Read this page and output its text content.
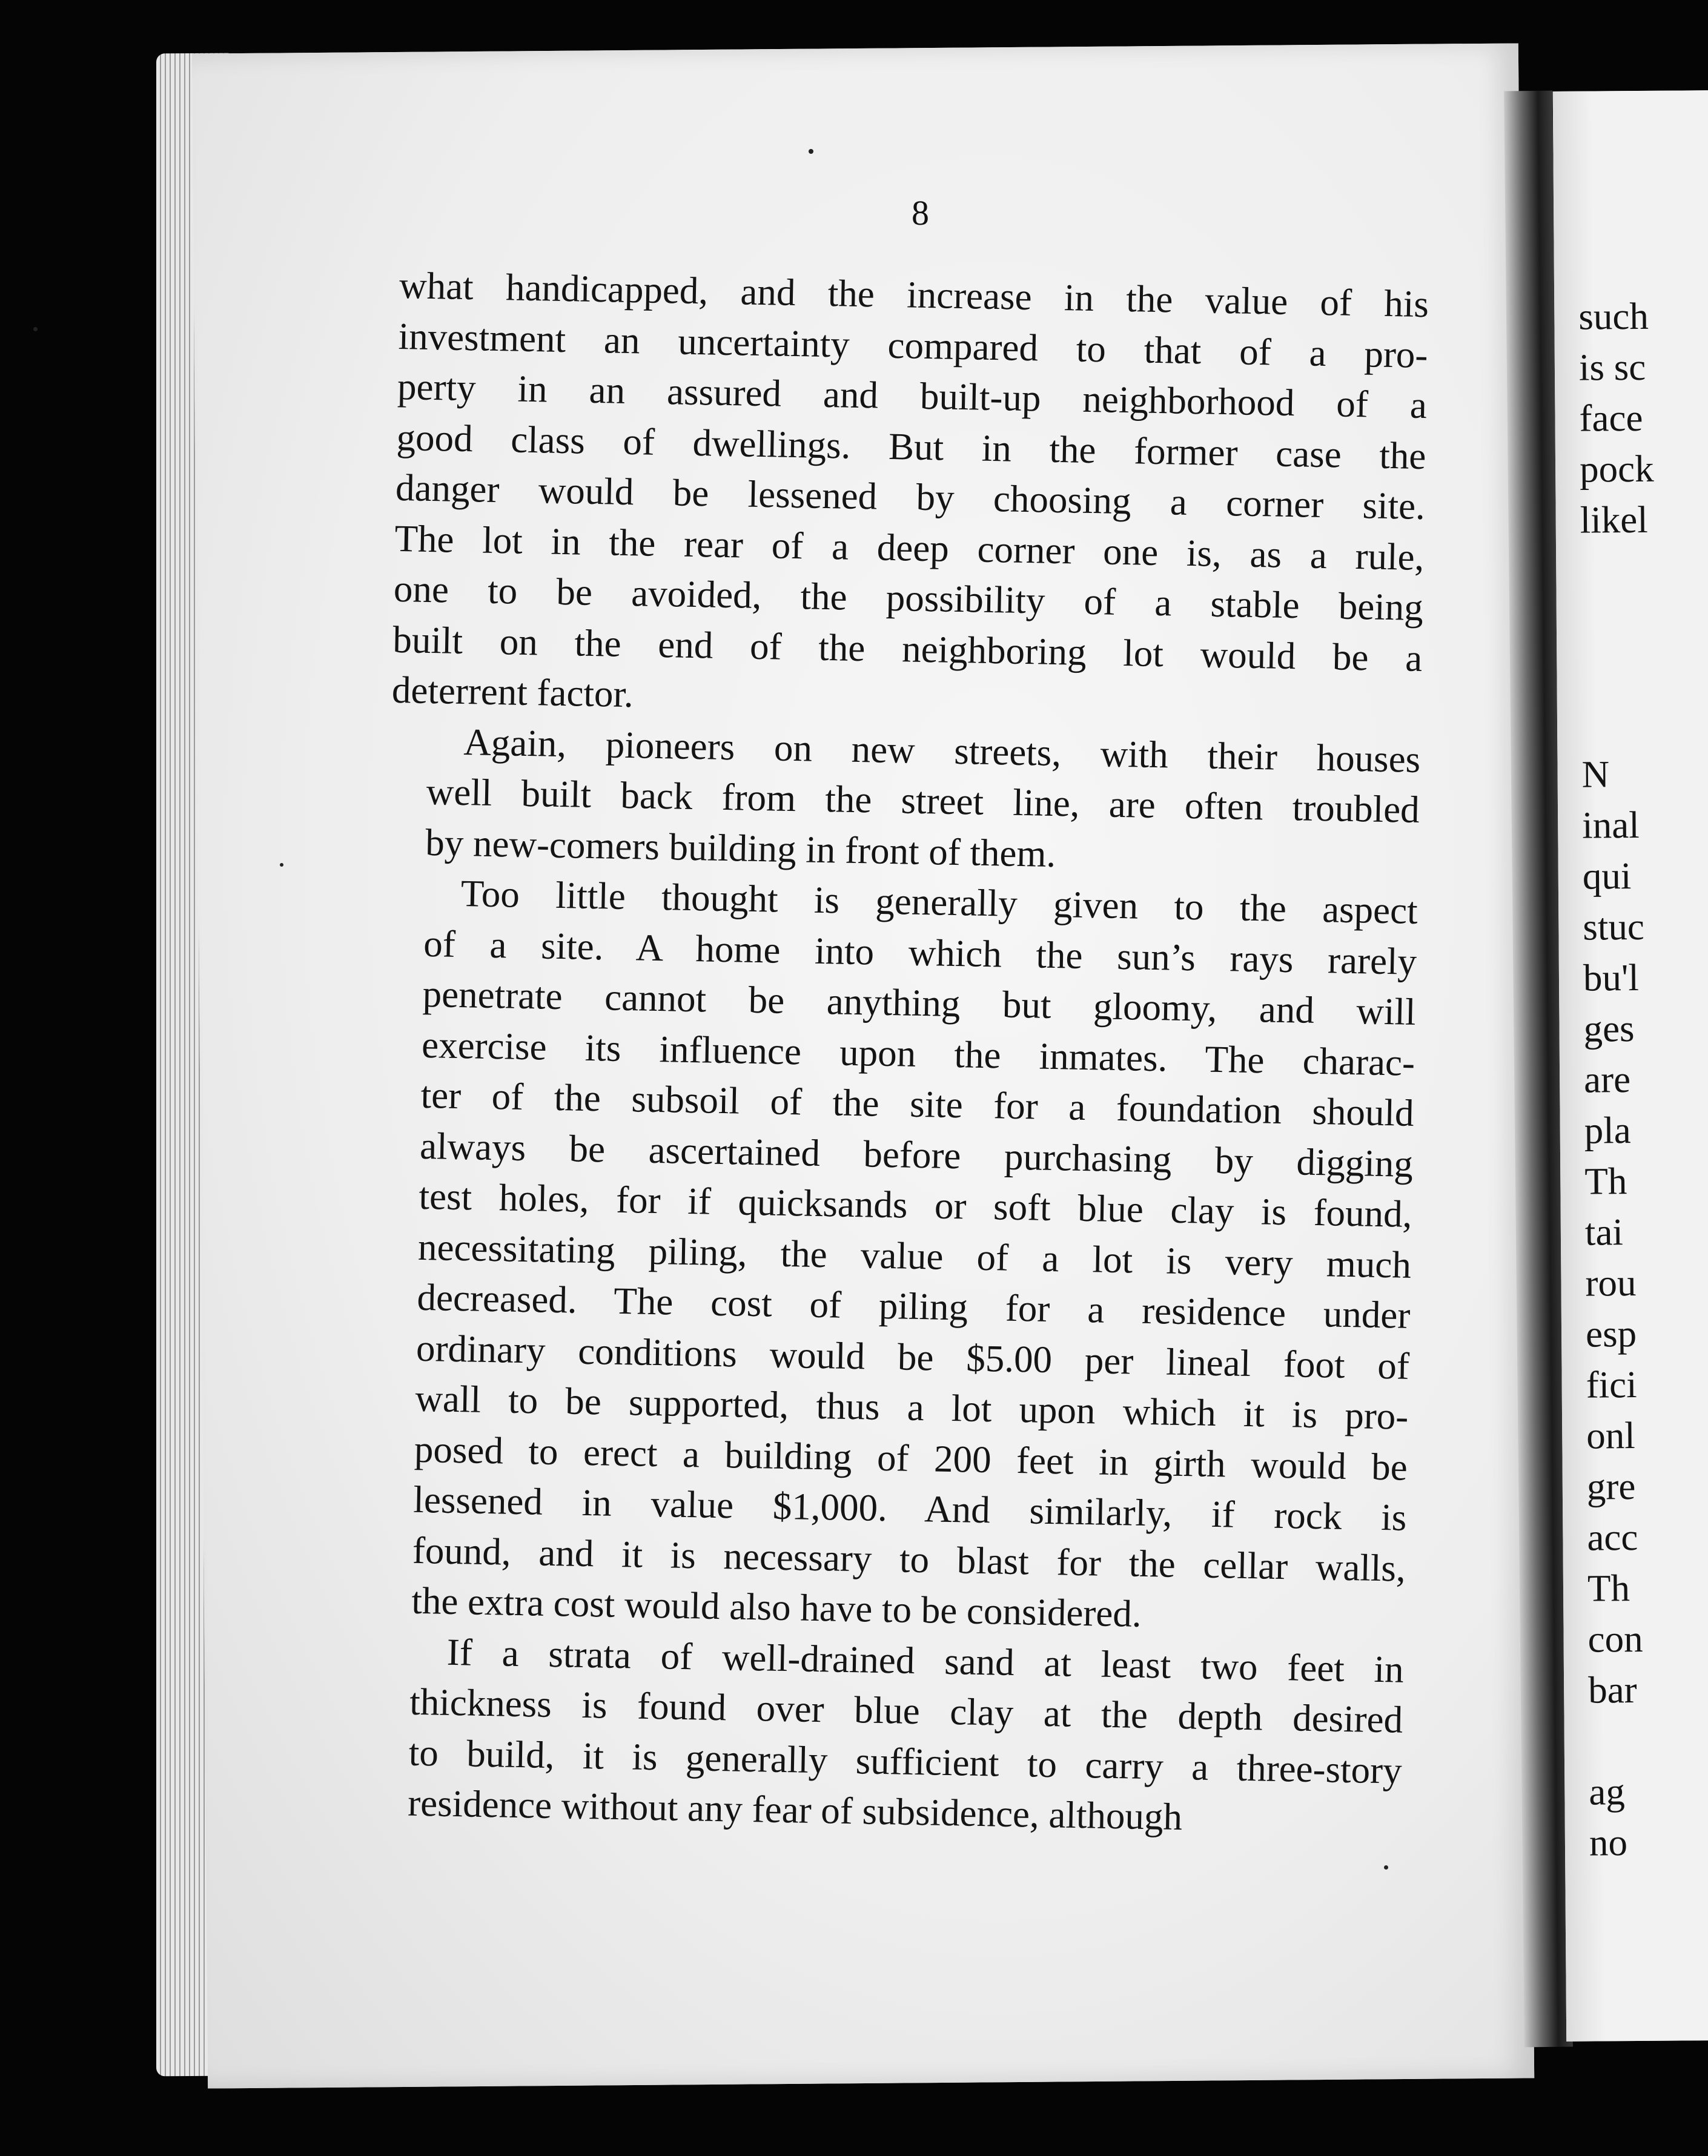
such
is sc
face
pock
likel
N
inal
qui
stuc
bu'l
ges
are
pla
Th
tai
rou
esp
fici
onl
gre
acc
Th
con
bar
ag
no
8

what handicapped, and the increase in the value of his
investment an uncertainty compared to that of a pro-
perty in an assured and built-up neighborhood of a
good class of dwellings. But in the former case the
danger would be lessened by choosing a corner site.
The lot in the rear of a deep corner one is, as a rule,
one to be avoided, the possibility of a stable being
built on the end of the neighboring lot would be a
deterrent factor.

Again, pioneers on new streets, with their houses
well built back from the street line, are often troubled
by new-comers building in front of them.

Too little thought is generally given to the aspect
of a site. A home into which the sun’s rays rarely
penetrate cannot be anything but gloomy, and will
exercise its influence upon the inmates. The charac-
ter of the subsoil of the site for a foundation should
always be ascertained before purchasing by digging
test holes, for if quicksands or soft blue clay is found,
necessitating piling, the value of a lot is very much
decreased. The cost of piling for a residence under
ordinary conditions would be $5.00 per lineal foot of
wall to be supported, thus a lot upon which it is pro-
posed to erect a building of 200 feet in girth would be
lessened in value $1,000. And similarly, if rock is
found, and it is necessary to blast for the cellar walls,
the extra cost would also have to be considered.

If a strata of well-drained sand at least two feet in
thickness is found over blue clay at the depth desired
to build, it is generally sufficient to carry a three-story
residence without any fear of subsidence, although
